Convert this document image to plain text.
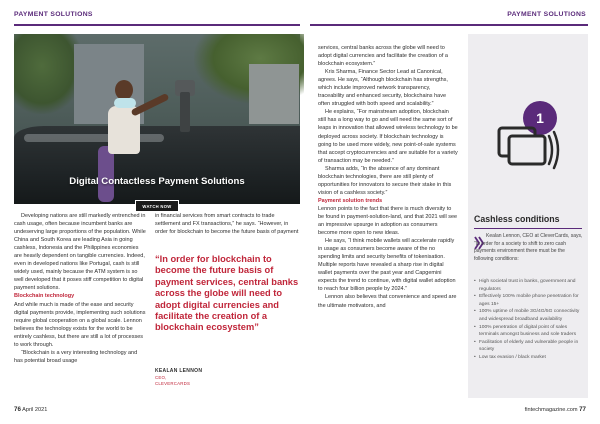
PAYMENT SOLUTIONS	PAYMENT SOLUTIONS
Digital Contactless Payment Solutions
WATCH NOW

Developing nations are still markedly entrenched in cash usage, often because incumbent banks are undeserving large proportions of the population. While China and South Korea are leading Asia in going cashless, Indonesia and the Philippines economies are heavily dependent on tangible currencies. Indeed, even in developed nations like Portugal, cash is still widely used, mainly because the ATM system is so well developed that it poses stiff competition to digital payment solutions.

Blockchain technology

And while much is made of the ease and security digital payments provide, implementing such solutions require global cooperation on a global scale. Lennon believes the technology exists for the world to be entirely cashless, but there are still a lot of processes to work through.

“Blockchain is a very interesting technology and has potential broad usage

in financial services from smart contracts to trade settlement and FX transactions,” he says. “However, in order for blockchain to become the future basis of payment

“In order for blockchain to become the future basis of payment services, central banks across the globe will need to adopt digital currencies and facilitate the creation of a blockchain ecosystem”
KEALAN LENNON
CEO,
CLEVERCARDS

services, central banks across the globe will need to adopt digital currencies and facilitate the creation of a blockchain ecosystem.”

Kris Sharma, Finance Sector Lead at Canonical, agrees. He says, “Although blockchain has strengths, which include improved network transparency, traceability and enhanced security, blockchains have often struggled with both speed and scalability.”

He explains, “For mainstream adoption, blockchain still has a long way to go and will need the same sort of leaps in innovation that allowed wireless technology to be deployed across society. If blockchain technology is going to be used more widely, new point-of-sale systems that accept cryptocurrencies and are suitable for a variety of transaction may be needed.”

Sharma adds, “In the absence of any dominant blockchain technologies, there are still plenty of opportunities for innovators to secure their stake in this vision of a cashless society.”

Payment solution trends

Lennon points to the fact that there is much diversity to be found in payment-solution-land, and that 2021 will see an impressive upsurge in adoption as consumers become more open to new ideas.

He says, “I think mobile wallets will accelerate rapidly in usage as consumers become aware of the no spending limits and security benefits of tokenisation. Multiple reports have revealed a sharp rise in digital wallet payments over the past year and Capgemini expects the trend to continue, with digital wallet adoption to reach four billion people by 2024.”

Lennon also believes that convenience and speed are the ultimate motivators, and

1
Cashless conditions
Kealan Lennon, CEO at CleverCards, says, “In order for a society to shift to zero cash payments environment there must be the following conditions:
• High societal trust in banks, government and regulators
• Effectively 100% mobile phone penetration for ages 15+
• 100% uptime of mobile 3G/4G/5G connectivity and widespread broadband availability
• 100% penetration of digital point of sales terminals amongst business and sole traders
• Facilitation of elderly and vulnerable people in society
• Low tax evasion / black market
76 April 2021	fintechmagazine.com 77
